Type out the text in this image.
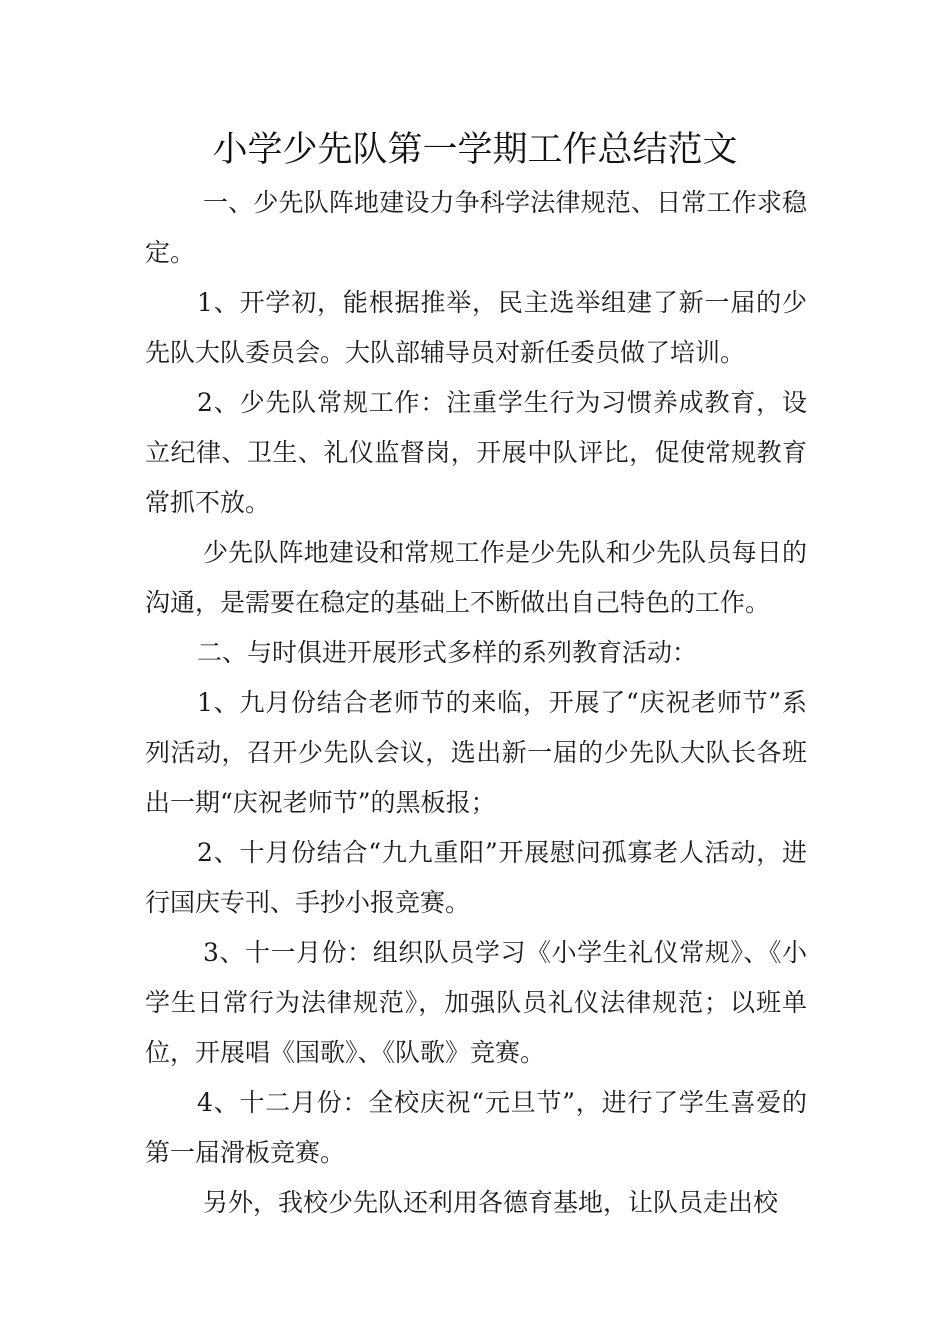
小学少先队第一学期工作总结范文

一、少先队阵地建设力争科学法律规范、日常工作求稳定。

1、开学初，能根据推举，民主选举组建了新一届的少先队大队委员会。大队部辅导员对新任委员做了培训。

2、少先队常规工作：注重学生行为习惯养成教育，设立纪律、卫生、礼仪监督岗，开展中队评比，促使常规教育常抓不放。

少先队阵地建设和常规工作是少先队和少先队员每日的沟通，是需要在稳定的基础上不断做出自己特色的工作。

二、与时俱进开展形式多样的系列教育活动：

1、九月份结合老师节的来临，开展了“庆祝老师节”系列活动，召开少先队会议，选出新一届的少先队大队长各班出一期“庆祝老师节”的黑板报；

2、十月份结合“九九重阳”开展慰问孤寡老人活动，进行国庆专刊、手抄小报竞赛。

3、十一月份：组织队员学习《小学生礼仪常规》、《小学生日常行为法律规范》，加强队员礼仪法律规范；以班单位，开展唱《国歌》、《队歌》竞赛。

4、十二月份：全校庆祝“元旦节”，进行了学生喜爱的第一届滑板竞赛。

另外，我校少先队还利用各德育基地，让队员走出校
